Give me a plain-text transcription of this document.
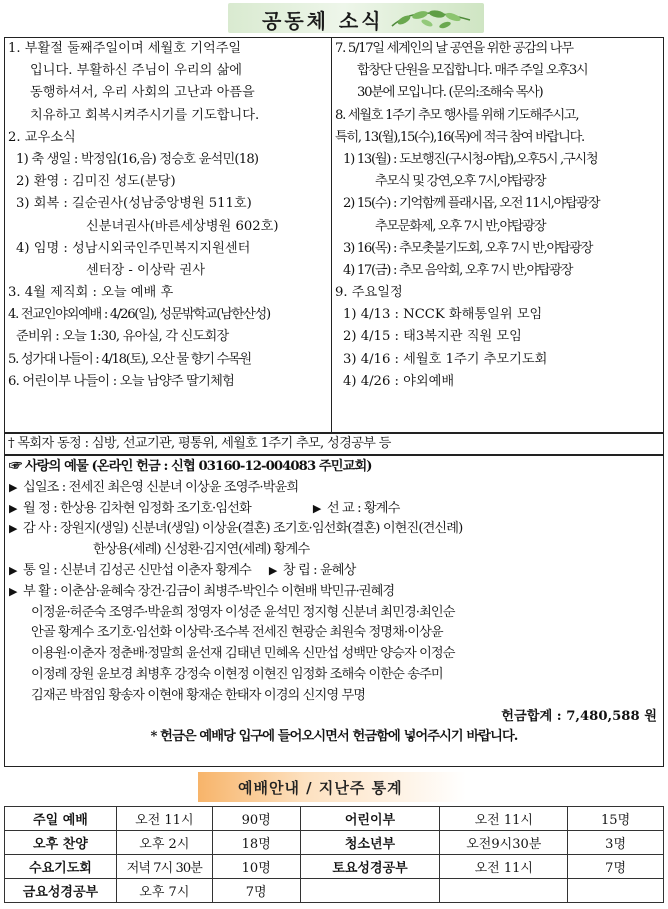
공동체 소식
1. 부활절 둘째주일이며 세월호 기억주일
입니다. 부활하신 주님이 우리의 삶에
동행하셔서, 우리 사회의 고난과 아픔을
치유하고 회복시켜주시기를 기도합니다.
2. 교우소식
1) 축 생일 : 박정임(16,음) 정승호 윤석민(18)
2) 환영 : 김미진 성도(분당)
3) 회복 : 길순권사(성남중앙병원 511호)
신분녀권사(바른세상병원 602호)
4) 임명 : 성남시외국인주민복지지원센터
센터장 - 이상락 권사
3. 4월 제직회 : 오늘 예배 후
4. 전교인야외예배 : 4/26(일), 성문밖학교(남한산성)
준비위 : 오늘 1:30, 유아실, 각 신도회장
5. 성가대 나들이 : 4/18(토), 오산 물 향기 수목원
6. 어린이부 나들이 : 오늘 남양주 딸기체험
7. 5/17일 세계인의 날 공연을 위한 공감의 나무
합창단 단원을 모집합니다. 매주 주일 오후3시
30분에 모입니다. (문의:조해숙 목사)
8. 세월호 1주기 추모 행사를 위해 기도해주시고,
특히, 13(월),15(수),16(목)에 적극 참여 바랍니다.
1) 13(월) : 도보행진(구시청-야탑),오후5시 ,구시청
추모식 및 강연,오후 7시,야탑광장
2) 15(수) : 기억함께 플래시몹, 오전 11시,야탑광장
추모문화제, 오후 7시 반,야탑광장
3) 16(목) : 추모촛불기도회, 오후 7시 반,야탑광장
4) 17(금) : 추모 음악회, 오후 7시 반,야탑광장
9. 주요일정
1) 4/13 : NCCK 화해통일위 모임
2) 4/15 : 태3복지관 직원 모임
3) 4/16 : 세월호 1주기 추모기도회
4) 4/26 : 야외예배
† 목회자 동정 : 심방, 선교기관, 평통위, 세월호 1주기 추모, 성경공부 등
☞ 사랑의 예물 (온라인 헌금 : 신협 03160-12-004083 주민교회)
▶ 십일조 : 전세진 최은영 신분녀 이상윤 조영주·박윤희
▶ 월 정 : 한상용 김차현 임정화 조기호·임선화	▶ 선 교 : 황계수
▶ 감 사 : 장원지(생일) 신분녀(생일) 이상윤(결혼) 조기호·임선화(결혼) 이현진(견신례)
한상용(세례) 신성환·김지연(세례) 황계수
▶ 통 일 : 신분녀 김성곤 신만섭 이춘자 황계수 ▶ 창 립 : 윤혜상
▶ 부 활 : 이춘삼·윤혜숙 장건·김금이 최병주·박인수 이현배 박민규·권혜경
이정윤·허준숙 조영주·박윤희 정영자 이성준 윤석민 정지형 신분녀 최민경·최인순
안골 황계수 조기호·임선화 이상락·조수복 전세진 현광순 최원숙 정명채·이상윤
이용원·이춘자 정춘배·정말희 윤선재 김태년 민혜옥 신만섭 성백만 양승자 이정순
이정례 장원 윤보경 최병후 강정숙 이현정 이현진 임정화 조해숙 이한순 송주미
김재곤 박점임 황송자 이현애 황재순 한태자 이경의 신지영 무명
헌금합계 : 7,480,588 원
* 헌금은 예배당 입구에 들어오시면서 헌금함에 넣어주시기 바랍니다.
예배안내 / 지난주 통계
주일 예배	오전 11시	90명	어린이부	오전 11시	15명
오후 찬양	오후 2시	18명	청소년부	오전9시30분	3명
수요기도회	저녁 7시 30분	10명	토요성경공부	오전 11시	7명
금요성경공부	오후 7시	7명			
